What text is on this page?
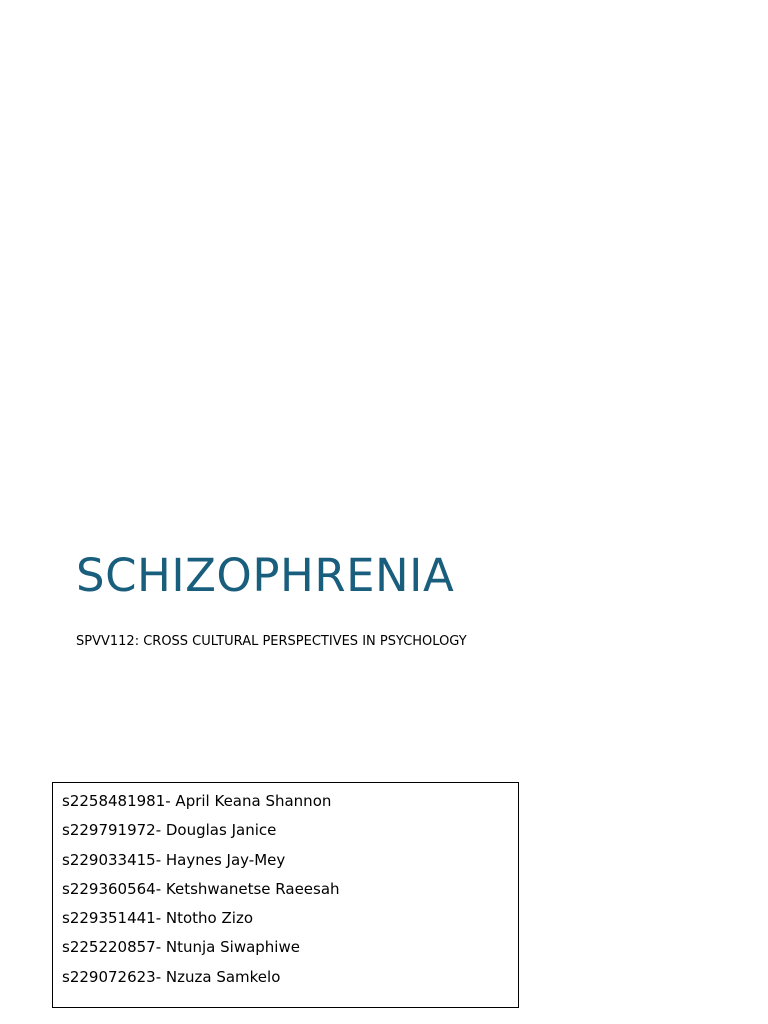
SCHIZOPHRENIA
SPVV112: CROSS CULTURAL PERSPECTIVES IN PSYCHOLOGY
s2258481981- April Keana Shannon
s229791972- Douglas Janice
s229033415- Haynes Jay-Mey
s229360564- Ketshwanetse Raeesah
s229351441- Ntotho Zizo
s225220857- Ntunja Siwaphiwe
s229072623- Nzuza Samkelo
